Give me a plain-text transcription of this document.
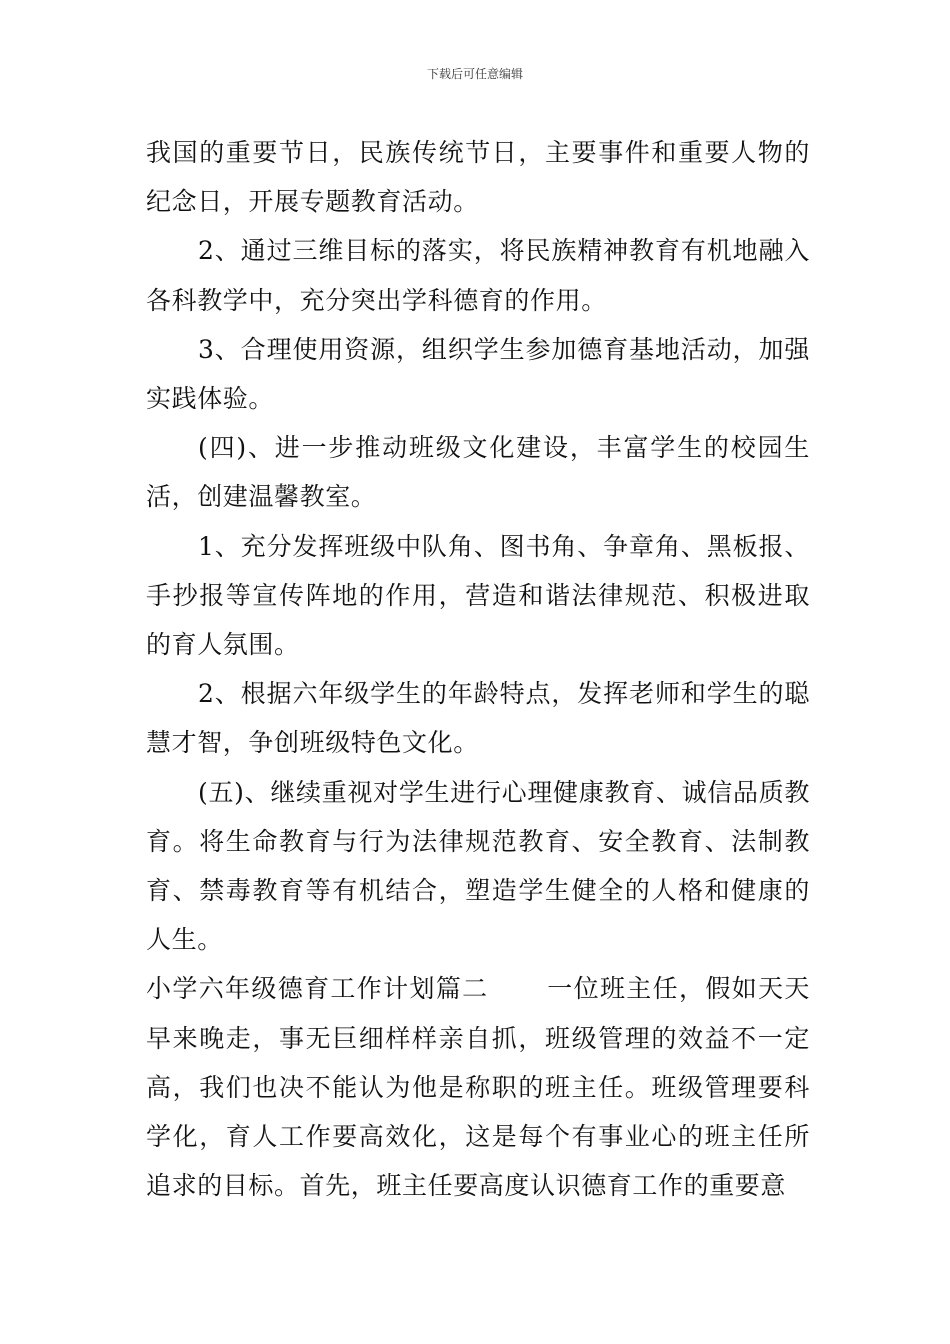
下载后可任意编辑

我国的重要节日，民族传统节日，主要事件和重要人物的纪念日，开展专题教育活动。

2、通过三维目标的落实，将民族精神教育有机地融入各科教学中，充分突出学科德育的作用。

3、合理使用资源，组织学生参加德育基地活动，加强实践体验。

(四)、进一步推动班级文化建设，丰富学生的校园生活，创建温馨教室。

1、充分发挥班级中队角、图书角、争章角、黑板报、手抄报等宣传阵地的作用，营造和谐法律规范、积极进取的育人氛围。

2、根据六年级学生的年龄特点，发挥老师和学生的聪慧才智，争创班级特色文化。

(五)、继续重视对学生进行心理健康教育、诚信品质教育。将生命教育与行为法律规范教育、安全教育、法制教育、禁毒教育等有机结合，塑造学生健全的人格和健康的人生。

小学六年级德育工作计划篇二 一位班主任，假如天天早来晚走，事无巨细样样亲自抓，班级管理的效益不一定高，我们也决不能认为他是称职的班主任。班级管理要科学化，育人工作要高效化，这是每个有事业心的班主任所追求的目标。首先，班主任要高度认识德育工作的重要意
